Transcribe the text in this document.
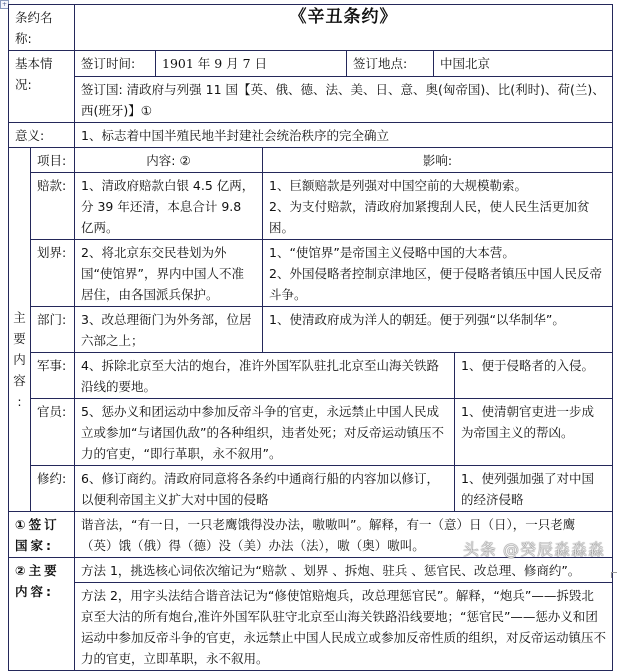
+
条约名称:	《辛丑条约》
基本情况:	
签订时间:	1901 年 9 月 7 日	签订地点:	中国北京

签订国: 清政府与列强 11 国【英、俄、德、法、美、日、意、奥(匈帝国)、比(利时)、荷(兰)、西(班牙)】①
意义:	1、标志着中国半殖民地半封建社会统治秩序的完全确立

主
要
内
容
:
	项目:	内容: ②	影响:
赔款:	1、清政府赔款白银 4.5 亿两，分 39 年还清，本息合计 9.8 亿两。	
1、巨额赔款是列强对中国空前的大规模勒索。
2、为支付赔款，清政府加紧搜刮人民，使人民生活更加贫困。

划界:	2、将北京东交民巷划为外国“使馆界”，界内中国人不准居住，由各国派兵保护。	
1、“使馆界”是帝国主义侵略中国的大本营。
2、外国侵略者控制京津地区，便于侵略者镇压中国人民反帝斗争。

部门:	3、改总理衙门为外务部，位居六部之上；	
1、使清政府成为洋人的朝廷。便于列强“以华制华”。

军事:	4、拆除北京至大沽的炮台，准许外国军队驻扎北京至山海关铁路沿线的要地。	
1、便于侵略者的入侵。

官员:	5、惩办义和团运动中参加反帝斗争的官吏，永远禁止中国人民成立或参加“与诸国仇敌”的各种组织，违者处死；对反帝运动镇压不力的官吏，“即行革职，永不叙用”。	
1、使清朝官吏进一步成为帝国主义的帮凶。

修约:	6、修订商约。清政府同意将各条约中通商行船的内容加以修订，以便利帝国主义扩大对中国的侵略	
1、使列强加强了对中国的经济侵略

①签订国家:	谐音法，“有一日，一只老鹰饿得没办法，嗷嗷叫”。解释，有一（意）日（日），一只老鹰（英）饿（俄）得（德）没（美）办法（法），嗷（奥）嗷叫。
②主要内容:	方法 1，挑选核心词依次缩记为“赔款 、划界 、拆炮、驻兵 、惩官民、改总理、修商约”。
方法 2，用字头法结合谐音法记为“修使馆赔炮兵，改总理惩官民”。解释，“炮兵”——拆毁北京至大沽的所有炮台,准许外国军队驻守北京至山海关铁路沿线要地；“惩官民”——惩办义和团运动中参加反帝斗争的官吏，永远禁止中国人民成立或参加反帝性质的组织，对反帝运动镇压不力的官吏，立即革职，永不叙用。
头条 @癸辰淼淼淼
